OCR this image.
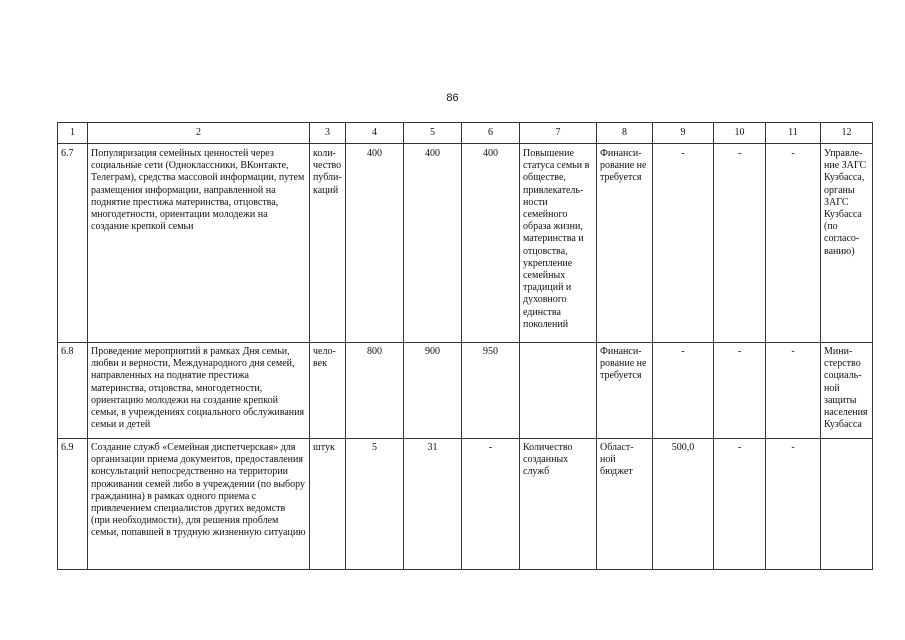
86
1	2	3	4	5	6	7	8	9	10	11	12
6.7	Популяризация семейных ценностей через социальные сети (Одноклассники, ВКонтакте, Телеграм), средства массовой информации, путем размещения информации, направленной на поднятие престижа материнства, отцовства, многодетности, ориентации молодежи на создание крепкой семьи	коли-чество публи-каций	400	400	400	Повышение статуса семьи в обществе, привлекатель-ности семейного образа жизни, материнства и отцовства, укрепление семейных традиций и духовного единства поколений	Финанси-рование не требуется	-	-	-	Управле-ние ЗАГС Кузбасса, органы ЗАГС Кузбасса (по согласо-ванию)
6.8	Проведение мероприятий в рамках Дня семьи, любви и верности, Международного дня семей, направленных на поднятие престижа материнства, отцовства, многодетности, ориентацию молодежи на создание крепкой семьи, в учреждениях социального обслуживания семьи и детей	чело-век	800	900	950		Финанси-рование не требуется	-	-	-	Мини-стерство социаль-ной защиты населения Кузбасса
6.9	Создание служб «Семейная диспетчерская» для организации приема документов, предоставления консультаций непосредственно на территории проживания семей либо в учреждении (по выбору гражданина) в рамках одного приема с привлечением специалистов других ведомств (при необходимости), для решения проблем семьи, попавшей в трудную жизненную ситуацию	штук	5	31	-	Количество созданных служб	Област-ной бюджет	500,0	-	-	
